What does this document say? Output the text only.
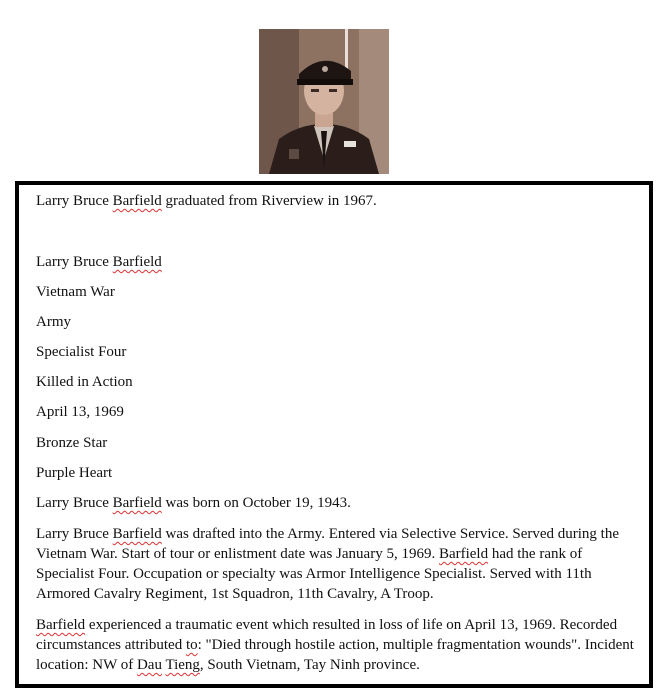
Larry Bruce Barfield graduated from Riverview in 1967.

Larry Bruce Barfield

Vietnam War

Army

Specialist Four

Killed in Action

April 13, 1969

Bronze Star

Purple Heart

Larry Bruce Barfield was born on October 19, 1943.

Larry Bruce Barfield was drafted into the Army. Entered via Selective Service. Served during the Vietnam War. Start of tour or enlistment date was January 5, 1969. Barfield had the rank of Specialist Four. Occupation or specialty was Armor Intelligence Specialist. Served with 11th Armored Cavalry Regiment, 1st Squadron, 11th Cavalry, A Troop.

Barfield experienced a traumatic event which resulted in loss of life on April 13, 1969. Recorded circumstances attributed to: "Died through hostile action, multiple fragmentation wounds". Incident location: NW of Dau Tieng, South Vietnam, Tay Ninh province.
